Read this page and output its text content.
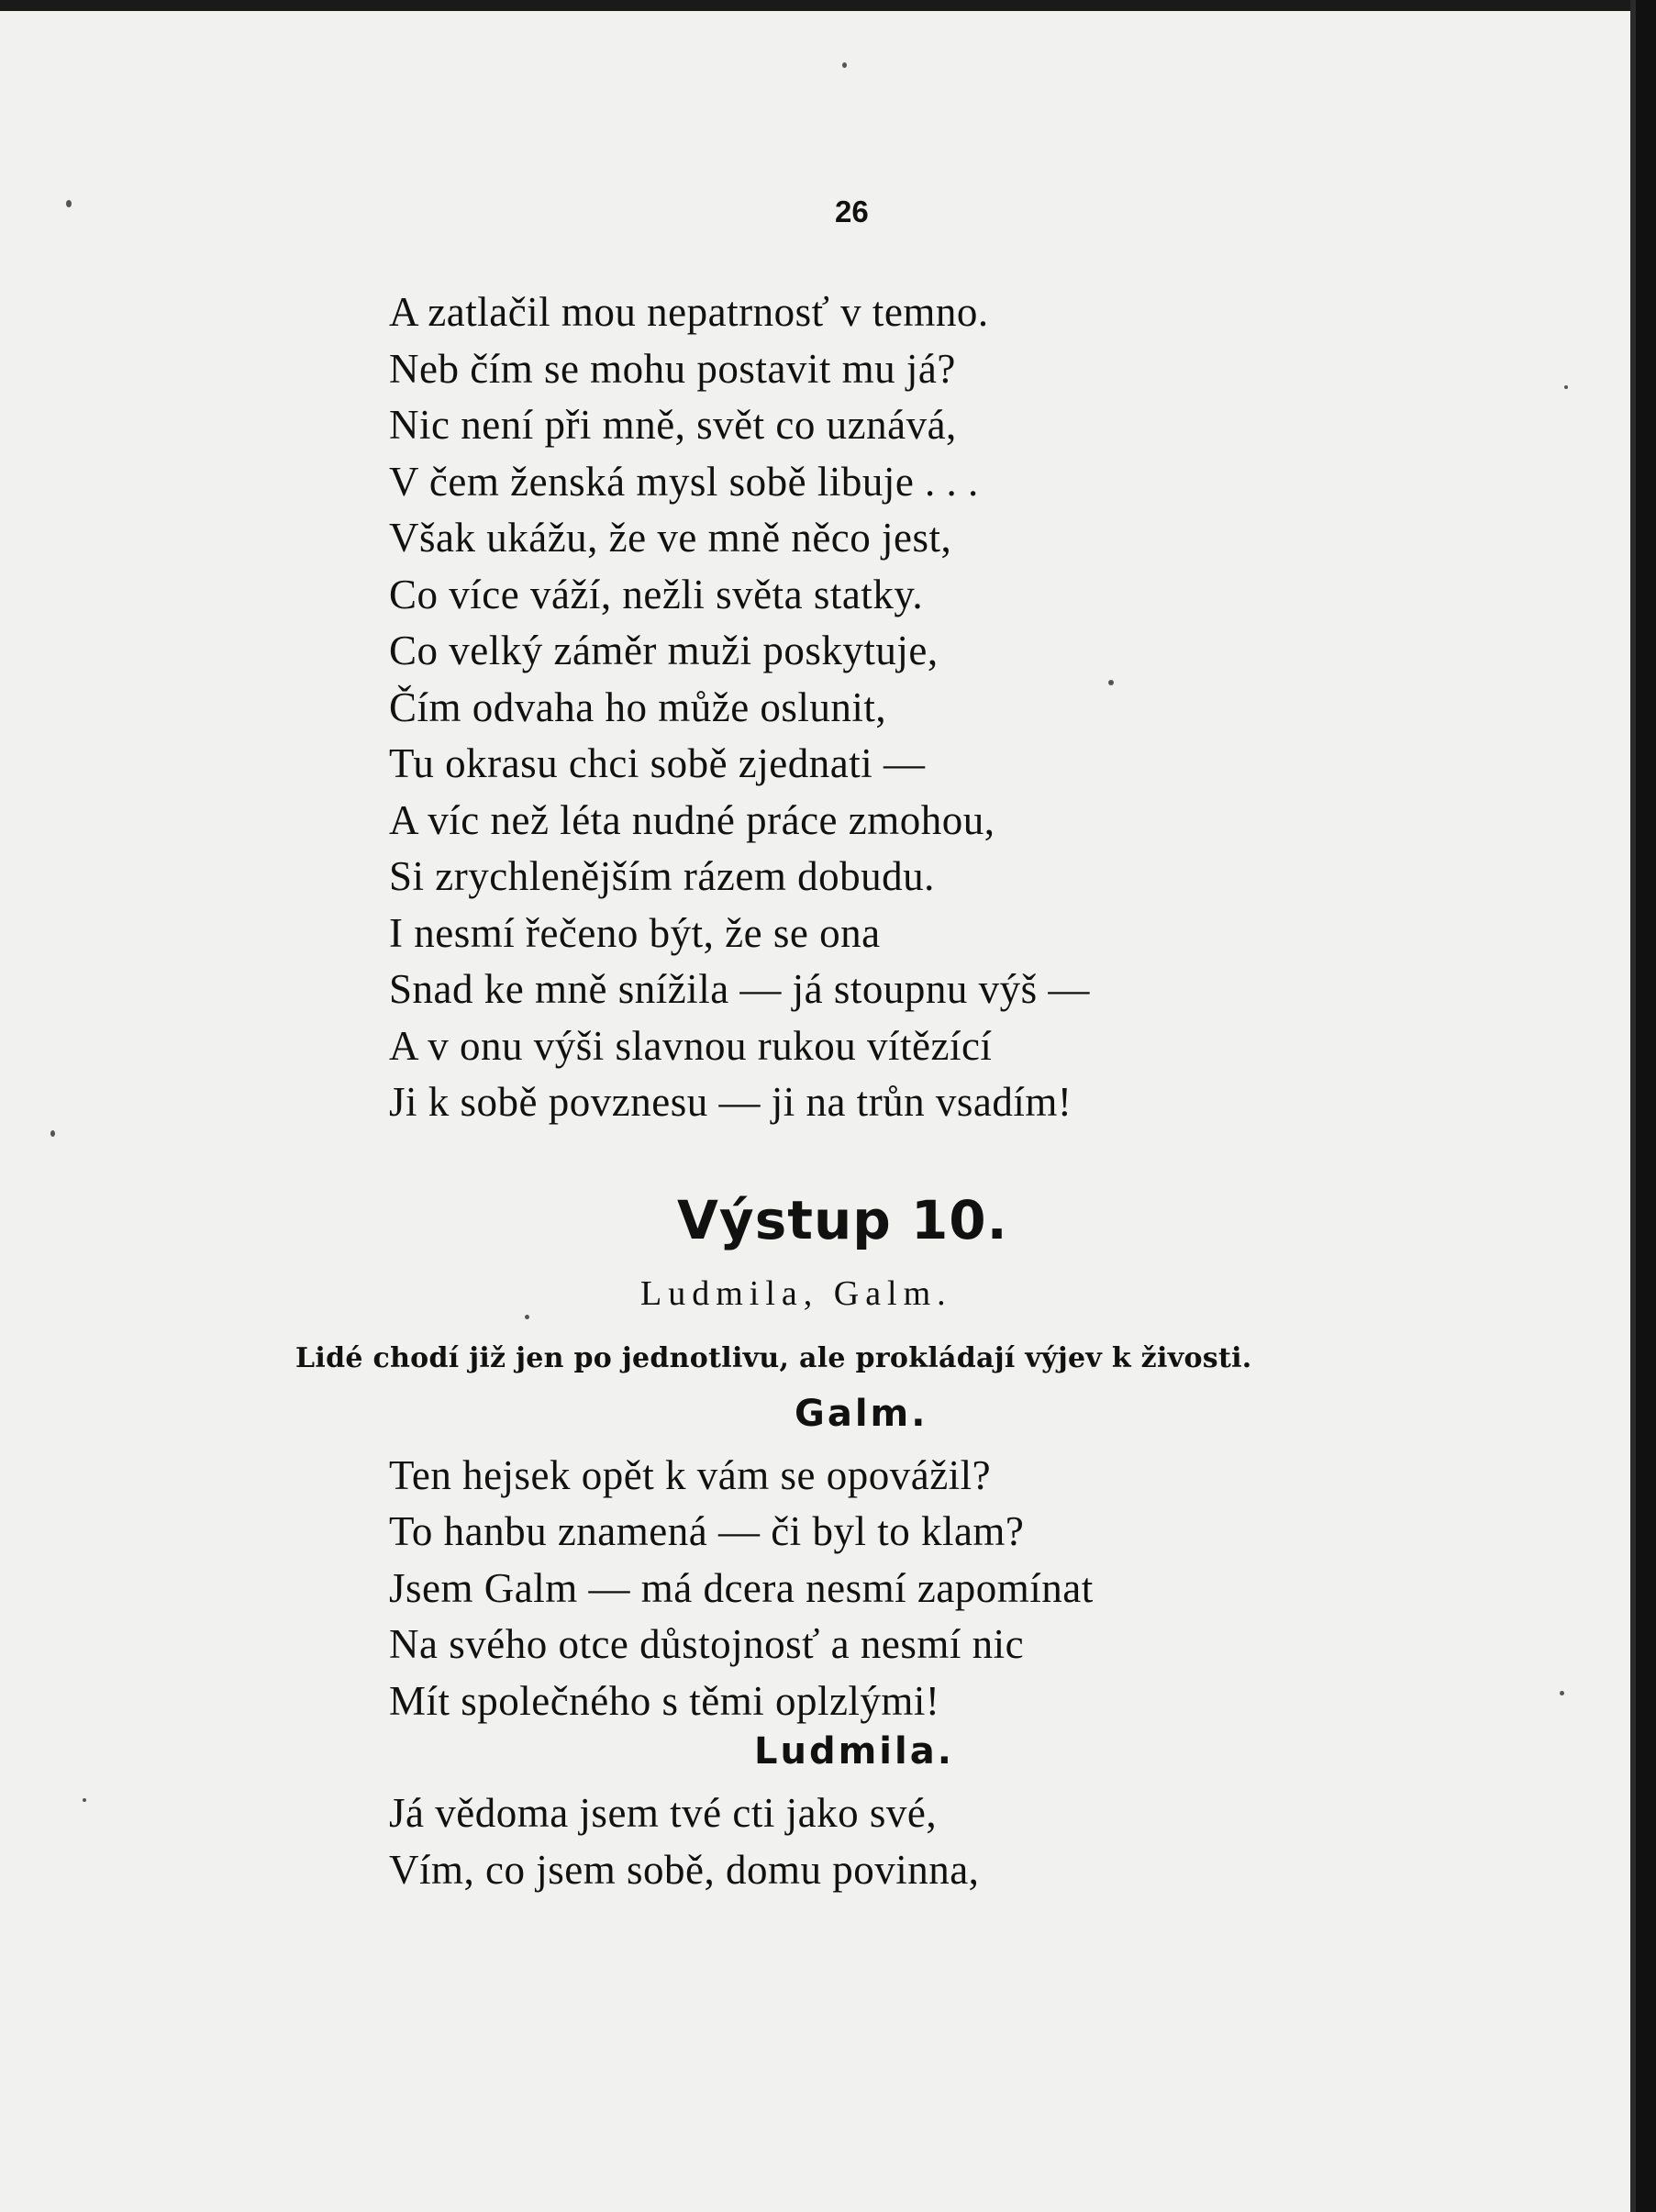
26

A zatlačil mou nepatrnosť v temno.

Neb čím se mohu postavit mu já?

Nic není při mně, svět co uznává,

V čem ženská mysl sobě libuje . . .

Však ukážu, že ve mně něco jest,

Co více váží, nežli světa statky.

Co velký záměr muži poskytuje,

Čím odvaha ho může oslunit,

Tu okrasu chci sobě zjednati —

A víc než léta nudné práce zmohou,

Si zrychlenějším rázem dobudu.

I nesmí řečeno být, že se ona

Snad ke mně snížila — já stoupnu výš —

A v onu výši slavnou rukou vítězící

Ji k sobě povznesu — ji na trůn vsadím!

Výstup 10.
Ludmila, Galm.
Lidé chodí již jen po jednotlivu, ale prokládají výjev k živosti.
Galm.

Ten hejsek opět k vám se opovážil?

To hanbu znamená — či byl to klam?

Jsem Galm — má dcera nesmí zapomínat

Na svého otce důstojnosť a nesmí nic

Mít společného s těmi oplzlými!

Ludmila.

Já vědoma jsem tvé cti jako své,

Vím, co jsem sobě, domu povinna,
